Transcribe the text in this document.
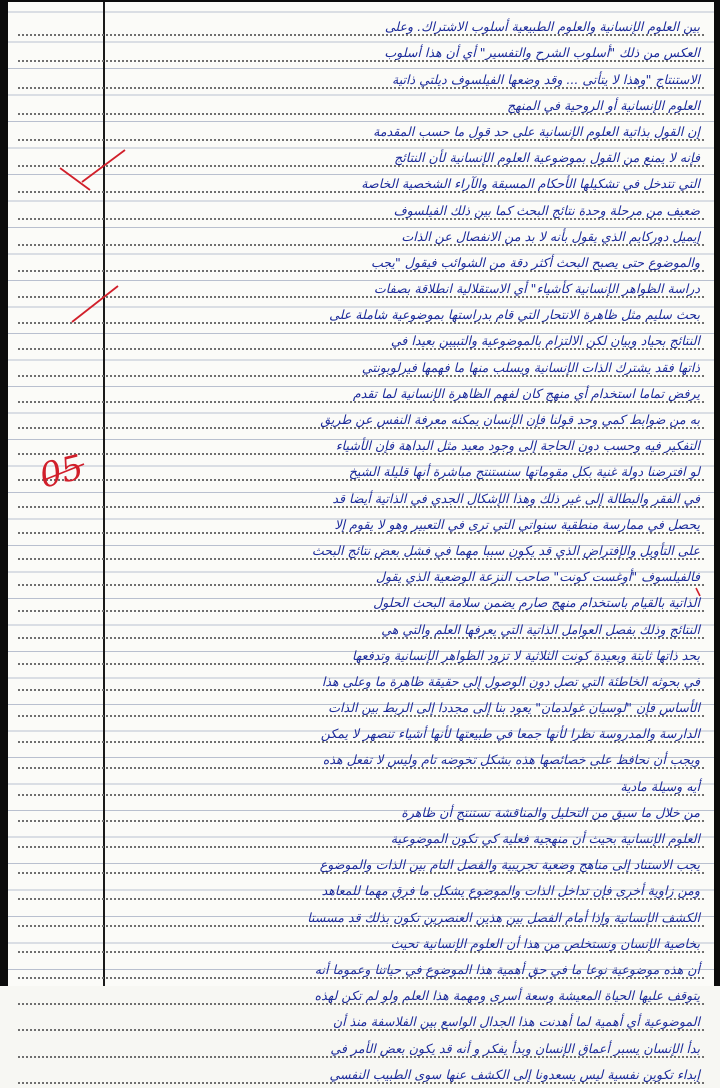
بين العلوم الإنسانية والعلوم الطبيعية أسلوب الاشتراك. وعلى
العكس من ذلك "أسلوب الشرح والتفسير" أي أن هذا أسلوب
الاستنتاج "وهذا لا يتأتى ... وقد وضعها الفيلسوف ديلتي ذاتية
العلوم الإنسانية أو الروحية في المنهج
إن القول بذاتية العلوم الإنسانية على حد قول ما حسب المقدمة
فإنه لا يمنع من القول بموضوعية العلوم الإنسانية لأن النتائج
التي تتدخل في تشكيلها الأحكام المسبقة والآراء الشخصية الخاصة
ضعيف من مرحلة وحدة نتائج البحث كما بين ذلك الفيلسوف
إيميل دوركايم الذي يقول بأنه لا بد من الانفصال عن الذات
والموضوع حتى يصبح البحث أكثر دقة من الشوائب فيقول "يجب
دراسة الظواهر الإنسانية كأشياء" أي الاستقلالية انطلاقة بصفات
بحث سليم مثل ظاهرة الانتحار التي قام بدراستها بموضوعية شاملة على
النتائج بحياد وبيان لكن الالتزام بالموضوعية والتبيين بعيدا في
ذاتها فقد يشترك الذات الإنسانية ويسلب منها ما فهمها فيرلوبونتي
يرفض تماما استخدام أي منهج كان لفهم الظاهرة الإنسانية لما تقدم
به من ضوابط كمي وحد قولنا فإن الإنسان يمكنه معرفة النفس عن طريق
التفكير فيه وحسب دون الحاجة إلى وجود معيد مثل البداهة فإن الأشياء
لو افترضنا دولة غنية بكل مقوماتها سنستنتج مباشرة أنها قليلة الشيخ
في الفقر والبطالة إلى غير ذلك وهذا الإشكال الجدي في الذاتية أيضا قد
يحصل في ممارسة منطقية سنواتي التي ترى في التعبير وهو لا يقوم إلا
على التأويل والإفتراض الذي قد يكون سببا مهما في فشل بعض نتائج البحث
فالفيلسوف "أوغست كونت" صاحب النزعة الوضعية الذي يقول
الذاتية بالقيام باستخدام منهج صارم يضمن سلامة البحث الحلول
النتائج وذلك بفصل العوامل الذاتية التي يعرفها العلم والتي هي
بحد ذاتها ثابتة وبعيدة كونت الثلاثية لا تزود الظواهر الإنسانية وتدفعها
في بحوثه الخاطئة التي تصل دون الوصول إلى حقيقة ظاهرة ما وعلى هذا
الأساس فإن "لوسيان غولدمان" يعود بنا إلى مجددا إلى الربط بين الذات
الدارسة والمدروسة نظرا لأنها جمعا في طبيعتها لأنها أشياء تنصهر لا يمكن
ويجب أن نحافظ على خصائصها هذه بشكل تخوضه تام وليس لا تفعل هذه
أيه وسيلة مادية
من خلال ما سبق من التحليل والمناقشة نستنتج أن ظاهرة
العلوم الإنسانية بحيث أن منهجية فعلية كي تكون الموضوعية
يجب الاستناد إلى مناهج وضعية تجريبية والفصل التام بين الذات والموضوع
ومن زاوية أخرى فإن تداخل الذات والموضوع يشكل ما فرق مهما للمعاهد
الكشف الإنسانية وإذا أمام الفصل بين هذين العنصرين تكون بذلك قد مسستا
بخاصية الإنسان ونستخلص من هذا أن العلوم الإنسانية تحيث
أن هذه موضوعية نوعا ما في حق أهمية هذا الموضوع في حياتنا وعموما أنه
يتوقف عليها الحياة المعيشة وسعة أسرى ومهمة هذا العلم ولو لم تكن لهذه
الموضوعية أي أهمية لما أهدنت هذا الجدال الواسع بين الفلاسفة منذ أن
بدأ الإنسان يسبر أعماق الإنسان وبدأ يفكر و أنه قد يكون بعض الأمر في
إبداء تكوين نفسية ليس يسعدونا إلى الكشف عنها سوى الطبيب النفسي
05
